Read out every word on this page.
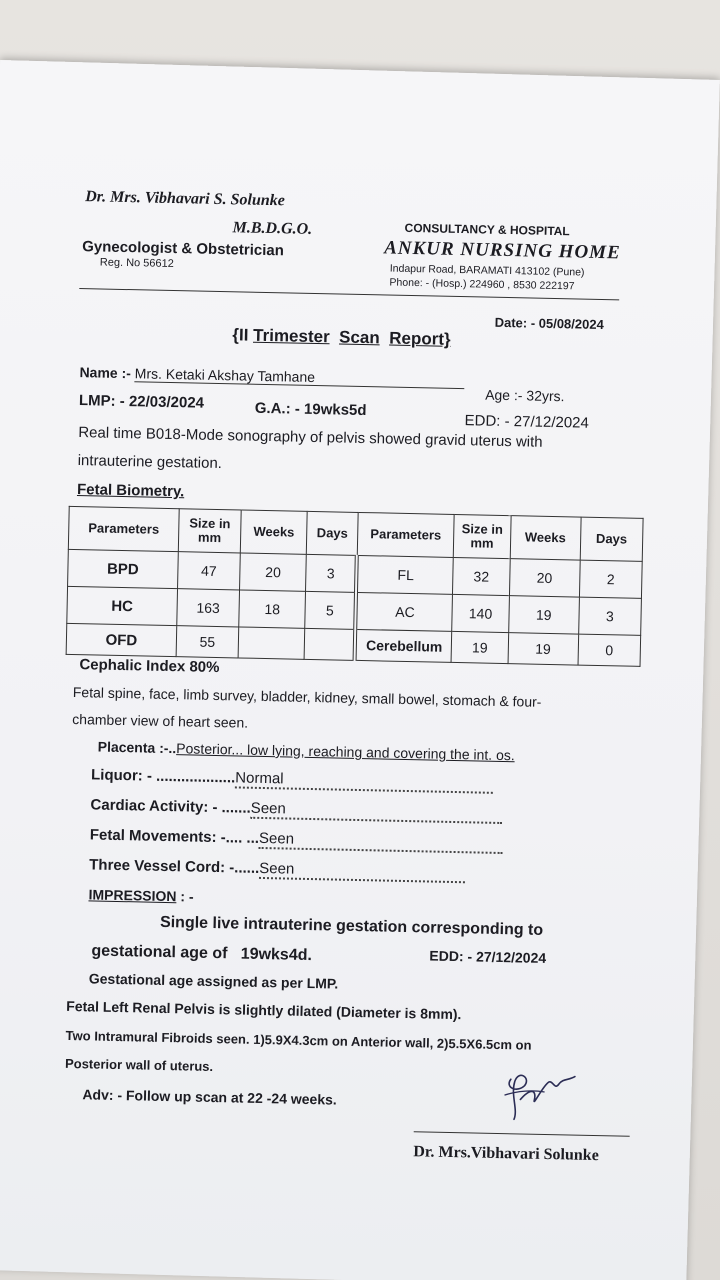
Dr. Mrs. Vibhavari S. Solunke
M.B.D.G.O.
Gynecologist & Obstetrician
Reg. No 56612
CONSULTANCY & HOSPITAL
ANKUR NURSING HOME
Indapur Road, BARAMATI 413102 (Pune)
Phone: - (Hosp.) 224960 , 8530 222197
Date: - 05/08/2024
{II Trimester Scan Report}
Name :- Mrs. Ketaki Akshay Tamhane
Age :- 32yrs.
LMP: - 22/03/2024	G.A.: - 19wks5d
EDD: - 27/12/2024
Real time B018-Mode sonography of pelvis showed gravid uterus with
intrauterine gestation.
Fetal Biometry.
Parameters	Size in mm	Weeks	Days	Parameters	Size in mm	Weeks	Days
BPD	47	20	3	FL	32	20	2
HC	163	18	5	AC	140	19	3
OFD	55			Cerebellum	19	19	0
Cephalic Index 80%
Fetal spine, face, limb survey, bladder, kidney, small bowel, stomach & four-
chamber view of heart seen.
Placenta :-..Posterior... low lying, reaching and covering the int. os.
Liquor: - ...................Normal
Cardiac Activity: - .......Seen
Fetal Movements: -.... ...Seen
Three Vessel Cord: -......Seen
IMPRESSION : -
Single live intrauterine gestation corresponding to
gestational age of 19wks4d.	EDD: - 27/12/2024
Gestational age assigned as per LMP.
Fetal Left Renal Pelvis is slightly dilated (Diameter is 8mm).
Two Intramural Fibroids seen. 1)5.9X4.3cm on Anterior wall, 2)5.5X6.5cm on
Posterior wall of uterus.
Adv: - Follow up scan at 22 -24 weeks.
Dr. Mrs.Vibhavari Solunke
